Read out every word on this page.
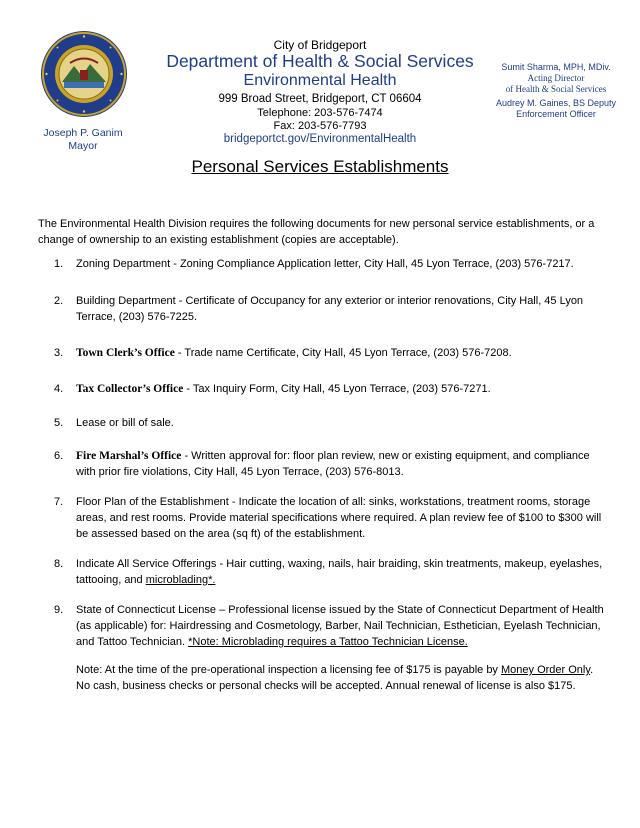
Joseph P. Ganim
Mayor
City of Bridgeport
Department of Health & Social Services
Environmental Health
999 Broad Street, Bridgeport, CT 06604
Telephone: 203-576-7474
Fax: 203-576-7793
bridgeportct.gov/EnvironmentalHealth
Sumit Sharma, MPH, MDiv.
Acting Director
of Health & Social Services
Audrey M. Gaines, BS Deputy
Enforcement Officer
Personal Services Establishments
The Environmental Health Division requires the following documents for new personal service establishments, or a change of ownership to an existing establishment (copies are acceptable).
1. Zoning Department - Zoning Compliance Application letter, City Hall, 45 Lyon Terrace, (203) 576-7217.
2. Building Department - Certificate of Occupancy for any exterior or interior renovations, City Hall, 45 Lyon Terrace, (203) 576-7225.
3. Town Clerk’s Office - Trade name Certificate, City Hall, 45 Lyon Terrace, (203) 576-7208.
4. Tax Collector’s Office - Tax Inquiry Form, City Hall, 45 Lyon Terrace, (203) 576-7271.
5. Lease or bill of sale.
6. Fire Marshal’s Office - Written approval for: floor plan review, new or existing equipment, and compliance with prior fire violations, City Hall, 45 Lyon Terrace, (203) 576-8013.
7. Floor Plan of the Establishment - Indicate the location of all: sinks, workstations, treatment rooms, storage areas, and rest rooms. Provide material specifications where required. A plan review fee of $100 to $300 will be assessed based on the area (sq ft) of the establishment.
8. Indicate All Service Offerings - Hair cutting, waxing, nails, hair braiding, skin treatments, makeup, eyelashes, tattooing, and microblading*.
9. State of Connecticut License – Professional license issued by the State of Connecticut Department of Health (as applicable) for: Hairdressing and Cosmetology, Barber, Nail Technician, Esthetician, Eyelash Technician, and Tattoo Technician. *Note: Microblading requires a Tattoo Technician License.
Note: At the time of the pre-operational inspection a licensing fee of $175 is payable by Money Order Only. No cash, business checks or personal checks will be accepted. Annual renewal of license is also $175.
